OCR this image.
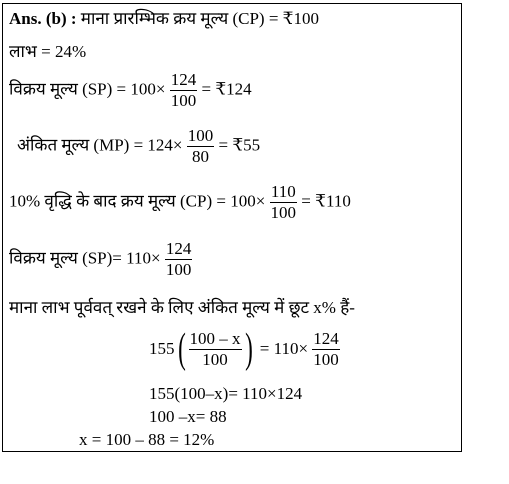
Ans. (b) : माना प्रारम्भिक क्रय मूल्य (CP) = ₹100
लाभ = 24%
विक्रय मूल्य $(SP) = 100\times \frac{124}{100}$ = ₹124
अंकित मूल्य $(MP) = 124\times \frac{100}{80}$ = ₹55
10% वृद्धि के बाद क्रय मूल्य $(CP) = 100\times \frac{110}{100}$ = ₹110
विक्रय मूल्य $(SP)= 110\times \frac{124}{100}$
माना लाभ पूर्ववत् रखने के लिए अंकित मूल्य में छूट x% हैं-
$155( \frac{100 - x}{100}$ ) = $110\times \frac{124}{100}$
155(100–x)= 110×124
100 –x= 88
x = 100 – 88 = 12%
